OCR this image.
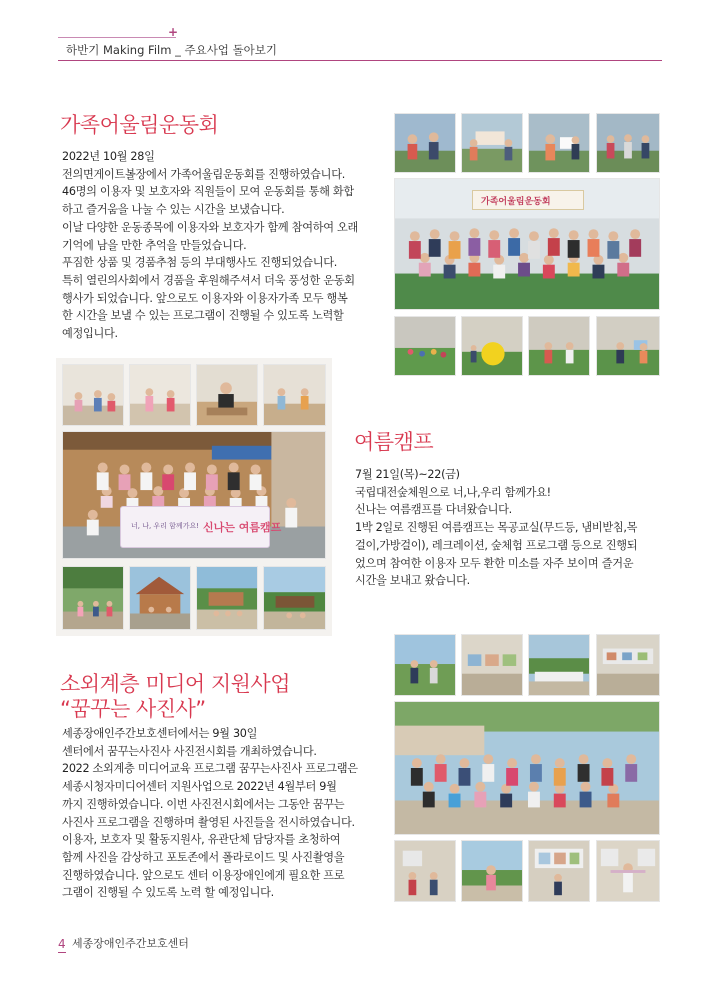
+
하반기 Making Film _ 주요사업 돌아보기
가족어울림운동회

2022년 10월 28일

전의면게이트볼장에서 가족어울림운동회를 진행하였습니다.

46명의 이용자 및 보호자와 직원들이 모여 운동회를 통해 화합

하고 즐거움을 나눌 수 있는 시간을 보냈습니다.

이날 다양한 운동종목에 이용자와 보호자가 함께 참여하여 오래

기억에 남을 만한 추억을 만들었습니다.

푸짐한 상품 및 경품추첨 등의 부대행사도 진행되었습니다.

특히 열린의사회에서 경품을 후원해주셔서 더욱 풍성한 운동회

행사가 되었습니다. 앞으로도 이용자와 이용자가족 모두 행복

한 시간을 보낼 수 있는 프로그램이 진행될 수 있도록 노력할

예정입니다.

가족어울림운동회
너, 나, 우리 함께가요! 신나는 여름캠프
여름캠프

7월 21일(목)~22(금)

국립대전숲체원으로 너,나,우리 함께가요!

신나는 여름캠프를 다녀왔습니다.

1박 2일로 진행된 여름캠프는 목공교실(무드등, 냄비받침,목

걸이,가방걸이), 레크레이션, 숲체험 프로그램 등으로 진행되

었으며 참여한 이용자 모두 환한 미소를 자주 보이며 즐거운

시간을 보내고 왔습니다.

소외계층 미디어 지원사업
“꿈꾸는 사진사”

세종장애인주간보호센터에서는 9월 30일

센터에서 꿈꾸는사진사 사진전시회를 개최하였습니다.

2022 소외계층 미디어교육 프로그램 꿈꾸는사진사 프로그램은

세종시청자미디어센터 지원사업으로 2022년 4월부터 9월

까지 진행하였습니다. 이번 사진전시회에서는 그동안 꿈꾸는

사진사 프로그램을 진행하며 촬영된 사진들을 전시하였습니다.

이용자, 보호자 및 활동지원사, 유관단체 담당자를 초청하여

함께 사진을 감상하고 포토존에서 폴라로이드 및 사진촬영을

진행하였습니다. 앞으로도 센터 이용장애인에게 필요한 프로

그램이 진행될 수 있도록 노력 할 예정입니다.

4 세종장애인주간보호센터
